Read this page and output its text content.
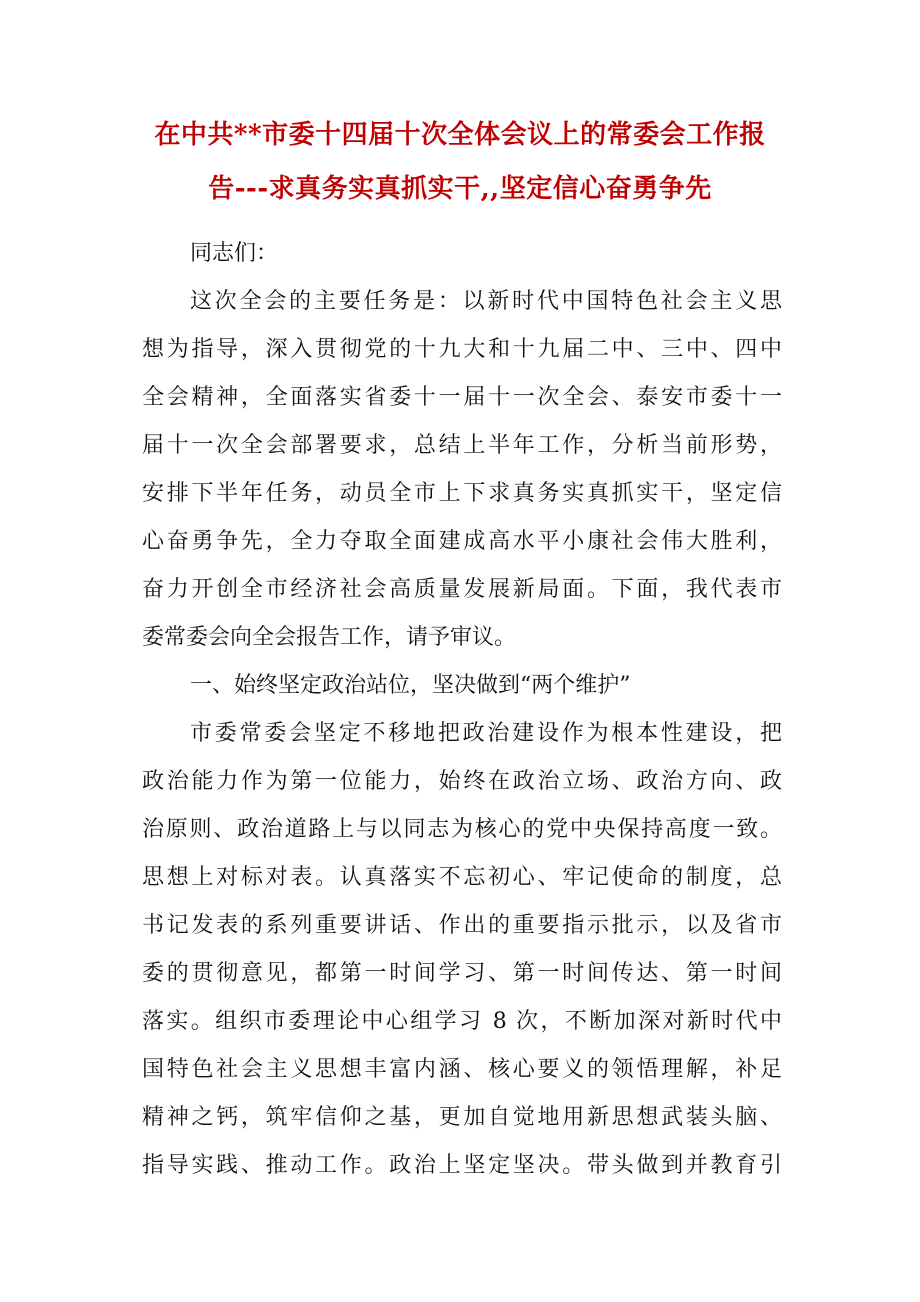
在中共**市委十四届十次全体会议上的常委会工作报
告---求真务实真抓实干,,坚定信心奋勇争先
同志们：
这次全会的主要任务是：以新时代中国特色社会主义思
想为指导，深入贯彻党的十九大和十九届二中、三中、四中
全会精神，全面落实省委十一届十一次全会、泰安市委十一
届十一次全会部署要求，总结上半年工作，分析当前形势，
安排下半年任务，动员全市上下求真务实真抓实干，坚定信
心奋勇争先，全力夺取全面建成高水平小康社会伟大胜利，
奋力开创全市经济社会高质量发展新局面。下面，我代表市
委常委会向全会报告工作，请予审议。
一、始终坚定政治站位，坚决做到“两个维护”
市委常委会坚定不移地把政治建设作为根本性建设，把
政治能力作为第一位能力，始终在政治立场、政治方向、政
治原则、政治道路上与以同志为核心的党中央保持高度一致。
思想上对标对表。认真落实不忘初心、牢记使命的制度，总
书记发表的系列重要讲话、作出的重要指示批示，以及省市
委的贯彻意见，都第一时间学习、第一时间传达、第一时间
落实。组织市委理论中心组学习 8 次，不断加深对新时代中
国特色社会主义思想丰富内涵、核心要义的领悟理解，补足
精神之钙，筑牢信仰之基，更加自觉地用新思想武装头脑、
指导实践、推动工作。政治上坚定坚决。带头做到并教育引
